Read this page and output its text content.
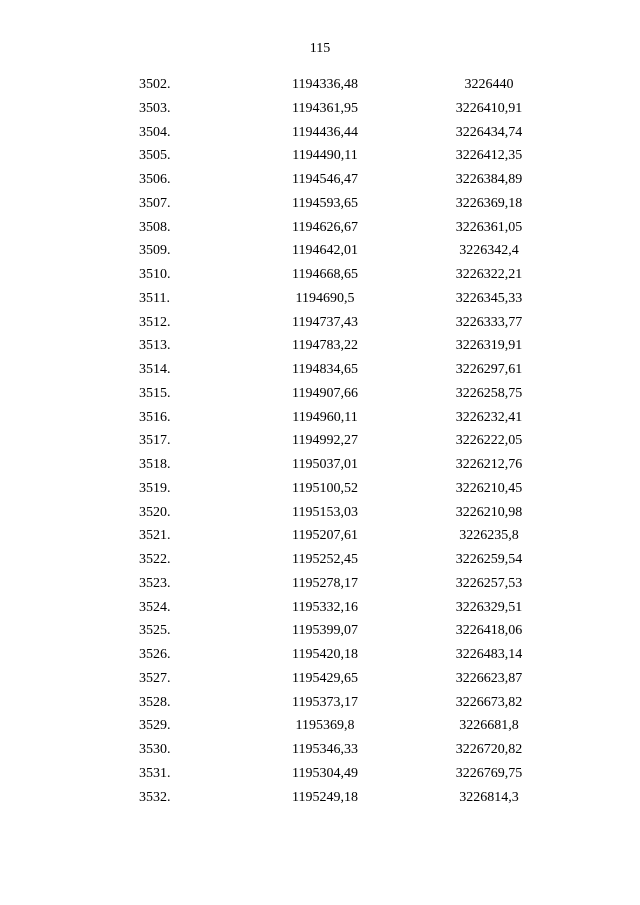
115
3502.	1194336,48	3226440
3503.	1194361,95	3226410,91
3504.	1194436,44	3226434,74
3505.	1194490,11	3226412,35
3506.	1194546,47	3226384,89
3507.	1194593,65	3226369,18
3508.	1194626,67	3226361,05
3509.	1194642,01	3226342,4
3510.	1194668,65	3226322,21
3511.	1194690,5	3226345,33
3512.	1194737,43	3226333,77
3513.	1194783,22	3226319,91
3514.	1194834,65	3226297,61
3515.	1194907,66	3226258,75
3516.	1194960,11	3226232,41
3517.	1194992,27	3226222,05
3518.	1195037,01	3226212,76
3519.	1195100,52	3226210,45
3520.	1195153,03	3226210,98
3521.	1195207,61	3226235,8
3522.	1195252,45	3226259,54
3523.	1195278,17	3226257,53
3524.	1195332,16	3226329,51
3525.	1195399,07	3226418,06
3526.	1195420,18	3226483,14
3527.	1195429,65	3226623,87
3528.	1195373,17	3226673,82
3529.	1195369,8	3226681,8
3530.	1195346,33	3226720,82
3531.	1195304,49	3226769,75
3532.	1195249,18	3226814,3
